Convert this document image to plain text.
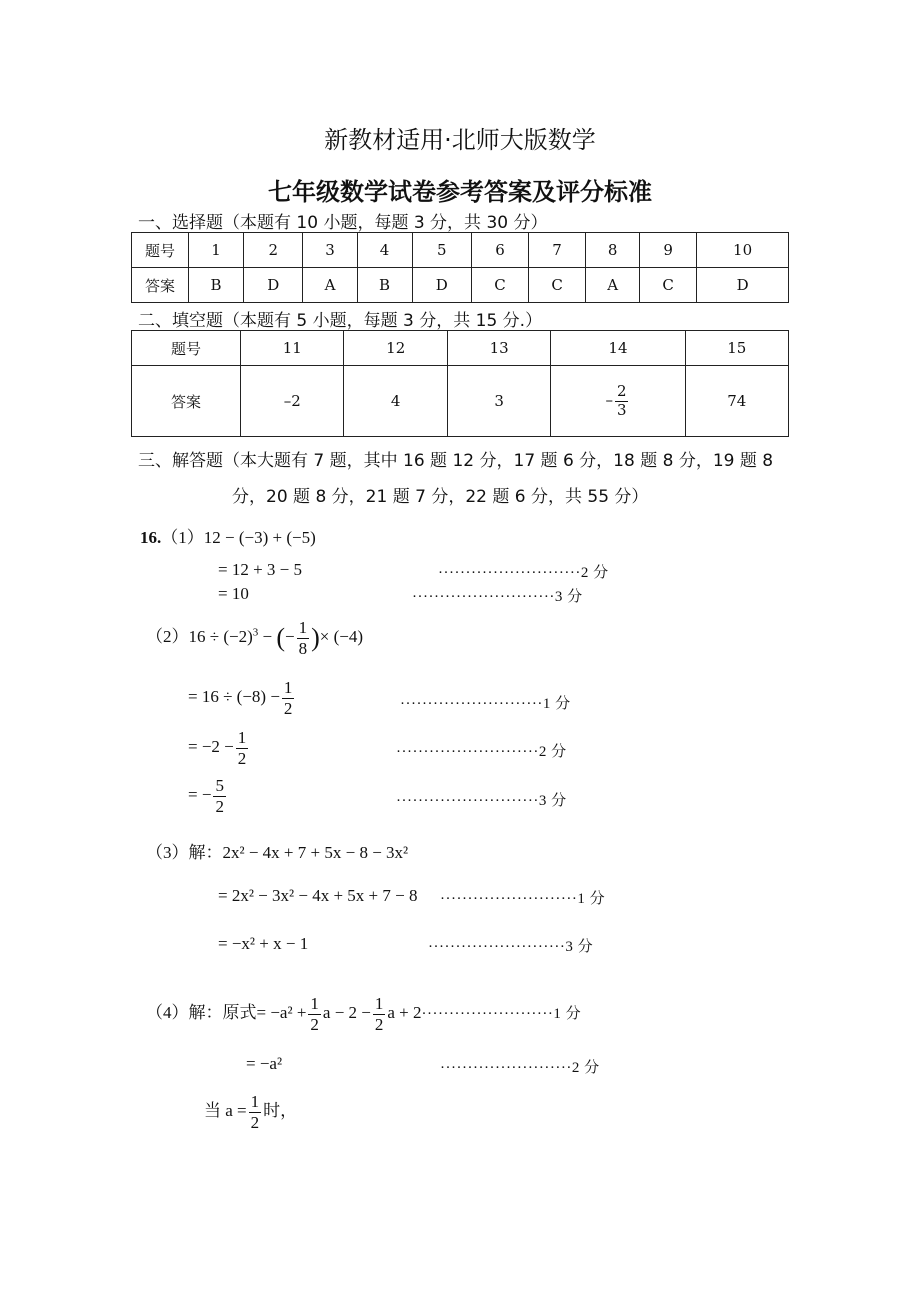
新教材适用·北师大版数学
七年级数学试卷参考答案及评分标准
一、选择题（本题有 10 小题，每题 3 分，共 30 分）
题号	1	2	3	4	5	6	7	8	9	10
答案	B	D	A	B	D	C	C	A	C	D
二、填空题（本题有 5 小题，每题 3 分，共 15 分.）
题号	11	12	13	14	15
答案	–2	4	3	– $\frac{2}{3}$	74
三、解答题（本大题有 7 题，其中 16 题 12 分，17 题 6 分，18 题 8 分，19 题 8
分，20 题 8 分，21 题 7 分，22 题 6 分，共 55 分）
16.（1）12 − (−3) + (−5)
= 12 + 3 − 5	··························2 分
= 10	··························3 分
$(2)16 \div (-2)^3$ − (− $\frac{1}{8}$ )× (−4)
= $16 \div (-8) - \frac{1}{2}$	··························1 分
= $-2 - \frac{1}{2}$	··························2 分
= − $\frac{5}{2}$	··························3 分
（3）解：2x² − 4x + 7 + 5x − 8 − 3x²
= 2x² − 3x² − 4x + 5x + 7 − 8 ·························1 分
= −x² + x − 1	·························3 分
（4）解：原式= $-a^2 + \frac{1}{2}$ $a - 2 - \frac{1}{2}$ a + 2························1 分
= −a²	························2 分
当 $a = \frac{1}{2}$ 时，
